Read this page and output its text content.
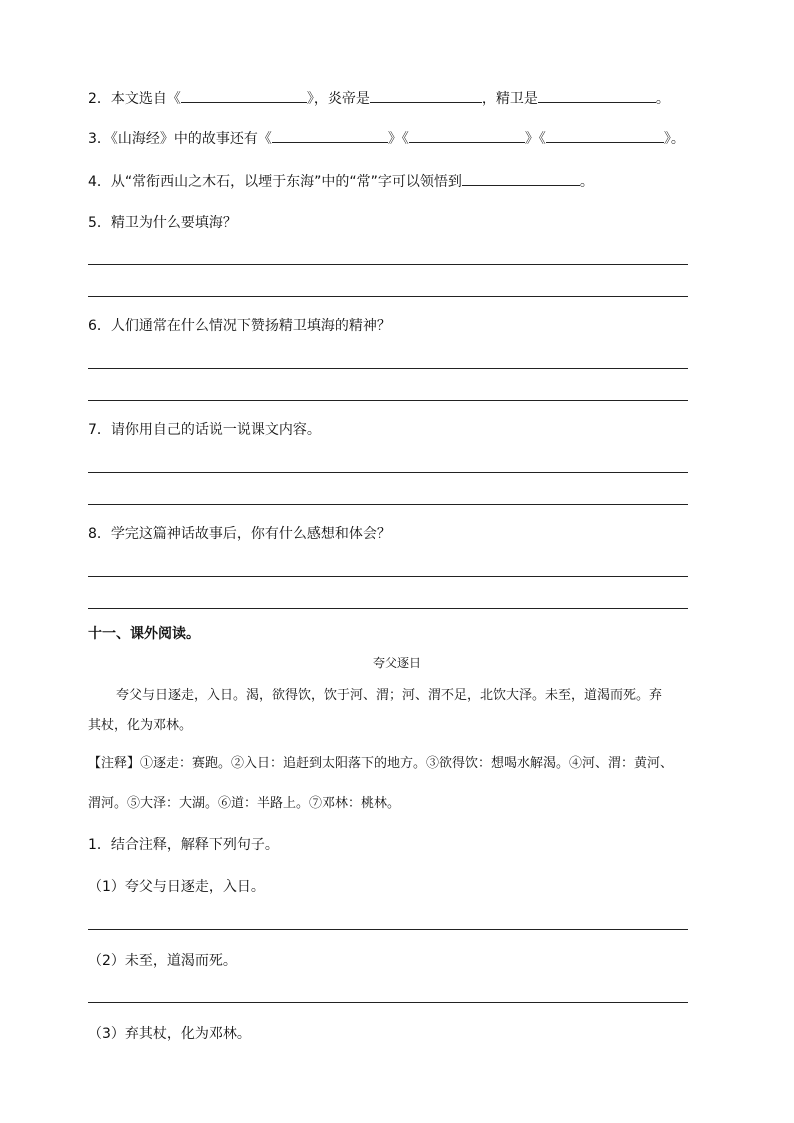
2．本文选自《	》，炎帝是	，精卫是	。
3．《山海经》中的故事还有《	》《	》《	》。
4．从“常衔西山之木石，以堙于东海”中的“常”字可以领悟到	。
5．精卫为什么要填海？
6．人们通常在什么情况下赞扬精卫填海的精神？
7．请你用自己的话说一说课文内容。
8．学完这篇神话故事后，你有什么感想和体会？
十一、课外阅读。
夸父逐日
夸父与日逐走，入日。渴，欲得饮，饮于河、渭；河、渭不足，北饮大泽。未至，道渴而死。弃
其杖，化为邓林。
【注释】①逐走：赛跑。②入日：追赶到太阳落下的地方。③欲得饮：想喝水解渴。④河、渭：黄河、
渭河。⑤大泽：大湖。⑥道：半路上。⑦邓林：桃林。
1．结合注释，解释下列句子。
（1）夸父与日逐走，入日。
（2）未至，道渴而死。
（3）弃其杖，化为邓林。
